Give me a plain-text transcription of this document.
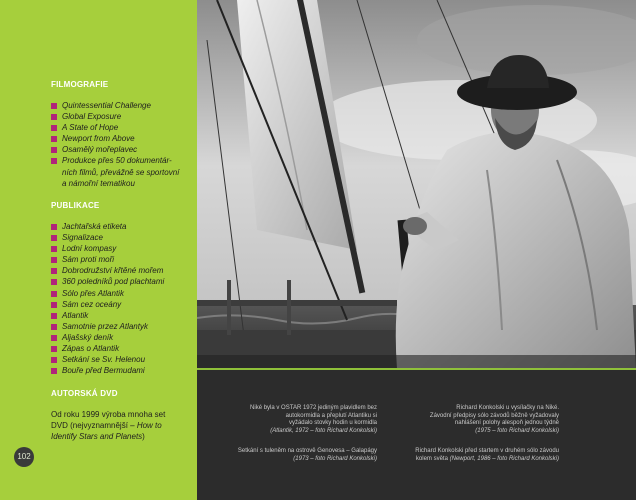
FILMOGRAFIE
Quintessential Challenge
Global Exposure
A State of Hope
Newport from Above
Osamělý mořeplavec
Produkce přes 50 dokumentár-
ních filmů, převážně se sportovní
a námořní tematikou
PUBLIKACE
Jachtařská etiketa
Signalizace
Lodní kompasy
Sám proti moři
Dobrodružství křtěné mořem
360 poledníků pod plachtami
Sólo přes Atlantik
Sám cez oceány
Atlantik
Samotnie przez Atlantyk
Aljašský deník
Zápas o Atlantik
Setkání se Sv. Helenou
Bouře před Bermudami
AUTORSKÁ DVD
Od roku 1999 výroba mnoha set
DVD (nejvyznamnější – How to
Identify Stars and Planets)
102
Niké byla v OSTAR 1972 jediným plavidlem bez
autokormidla a přeplutí Atlantiku si
vyžádalo stovky hodin u kormidla
(Atlantik, 1972 – foto Richard Konkolski)
Setkání s tuleněm na ostrově Genovesa – Galapágy
(1973 – foto Richard Konkolski)
Richard Konkolski u vysílačky na Niké.
Závodní předpisy sólo závodů běžně vyžadovaly
nahlášení polohy alespoň jednou týdně
(1975 – foto Richard Konkolski)
Richard Konkolski před startem v druhém sólo závodu
kolem světa (Newport, 1986 – foto Richard Konkolski)
